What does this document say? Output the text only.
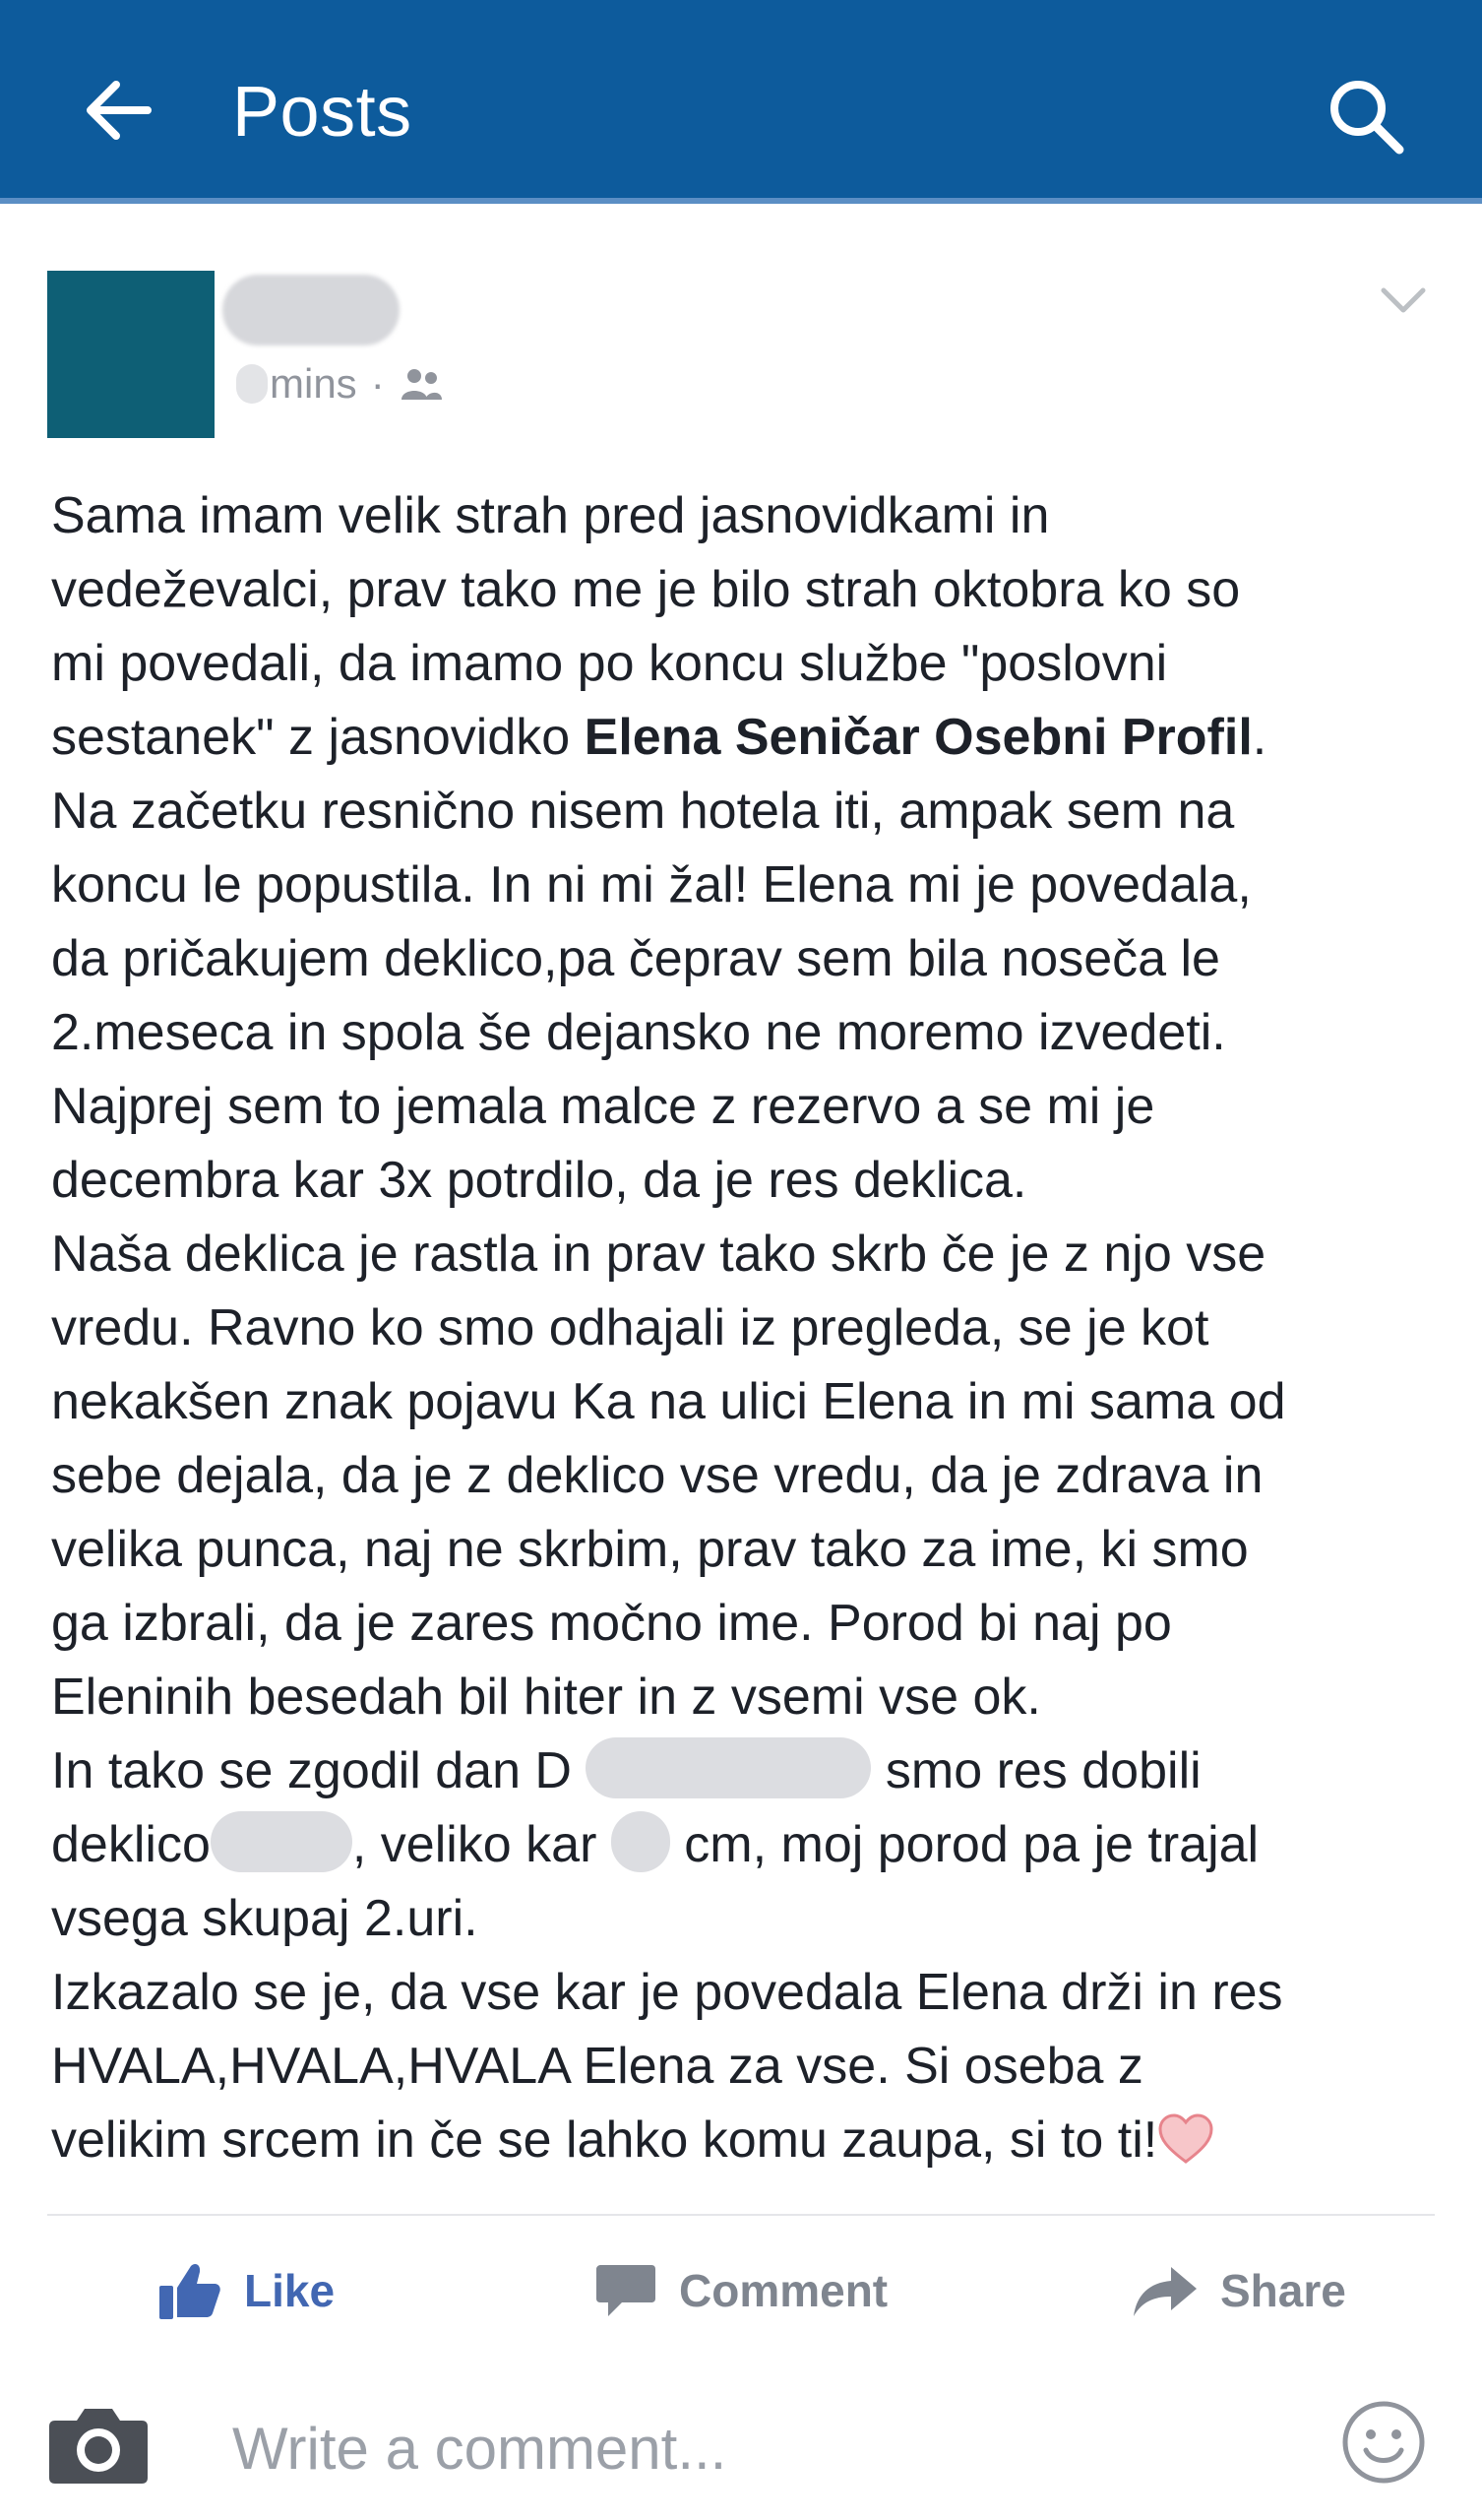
Posts
mins ·

Sama imam velik strah pred jasnovidkami in

vedeževalci, prav tako me je bilo strah oktobra ko so

mi povedali, da imamo po koncu službe "poslovni

sestanek" z jasnovidko Elena Seničar Osebni Profil.

Na začetku resnično nisem hotela iti, ampak sem na

koncu le popustila. In ni mi žal! Elena mi je povedala,

da pričakujem deklico,pa čeprav sem bila noseča le

2.meseca in spola še dejansko ne moremo izvedeti.

Najprej sem to jemala malce z rezervo a se mi je

decembra kar 3x potrdilo, da je res deklica.

Naša deklica je rastla in prav tako skrb če je z njo vse

vredu. Ravno ko smo odhajali iz pregleda, se je kot

nekakšen znak pojavu Ka na ulici Elena in mi sama od

sebe dejala, da je z deklico vse vredu, da je zdrava in

velika punca, naj ne skrbim, prav tako za ime, ki smo

ga izbrali, da je zares močno ime. Porod bi naj po

Eleninih besedah bil hiter in z vsemi vse ok.

In tako se zgodil dan D	smo res dobili

deklico	, veliko kar  cm, moj porod pa je trajal

vsega skupaj 2.uri.

Izkazalo se je, da vse kar je povedala Elena drži in res

HVALA,HVALA,HVALA Elena za vse. Si oseba z

velikim srcem in če se lahko komu zaupa, si to ti!

Like	Comment	Share
Write a comment...
